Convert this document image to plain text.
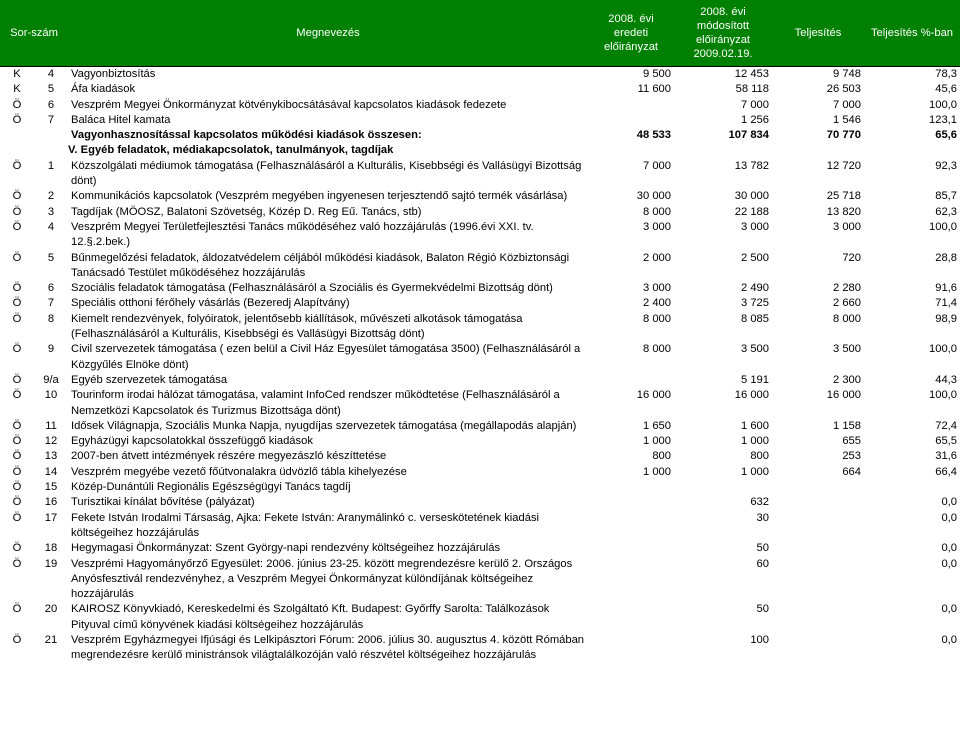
Sor-szám		Megnevezés	2008. évi eredeti előirányzat	2008. évi módosított előirányzat 2009.02.19.	Teljesítés	Teljesítés %-ban
K	4	Vagyonbiztosítás	9 500	12 453	9 748	78,3
K	5	Áfa kiadások	11 600	58 118	26 503	45,6
Ö	6	Veszprém Megyei Önkormányzat kötvénykibocsátásával kapcsolatos kiadások fedezete		7 000	7 000	100,0
Ö	7	Baláca Hitel kamata		1 256	1 546	123,1
		Vagyonhasznosítással kapcsolatos működési kiadások összesen:	48 533	107 834	70 770	65,6
		V. Egyéb feladatok, médiakapcsolatok, tanulmányok, tagdíjak				
Ö	1	Közszolgálati médiumok támogatása (Felhasználásáról a Kulturális, Kisebbségi és Vallásügyi Bizottság dönt)	7 000	13 782	12 720	92,3
Ö	2	Kommunikációs kapcsolatok (Veszprém megyében ingyenesen terjesztendő sajtó termék vásárlása)	30 000	30 000	25 718	85,7
Ö	3	Tagdíjak (MÖOSZ, Balatoni Szövetség, Közép D. Reg Eű. Tanács, stb)	8 000	22 188	13 820	62,3
Ö	4	Veszprém Megyei Területfejlesztési Tanács működéséhez való hozzájárulás (1996.évi XXI. tv. 12.§.2.bek.)	3 000	3 000	3 000	100,0
Ö	5	Bűnmegelőzési feladatok, áldozatvédelem céljából működési kiadások, Balaton Régió Közbiztonsági Tanácsadó Testület működéséhez hozzájárulás	2 000	2 500	720	28,8
Ö	6	Szociális feladatok támogatása (Felhasználásáról a Szociális és Gyermekvédelmi Bizottság dönt)	3 000	2 490	2 280	91,6
Ö	7	Speciális otthoni férőhely vásárlás (Bezeredj Alapítvány)	2 400	3 725	2 660	71,4
Ö	8	Kiemelt rendezvények, folyóiratok, jelentősebb kiállítások, művészeti alkotások támogatása (Felhasználásáról a Kulturális, Kisebbségi és Vallásügyi Bizottság dönt)	8 000	8 085	8 000	98,9
Ö	9	Civil szervezetek támogatása ( ezen belül a Civil Ház Egyesület támogatása 3500) (Felhasználásáról a Közgyűlés Elnöke dönt)	8 000	3 500	3 500	100,0
Ö	9/a	Egyéb szervezetek támogatása		5 191	2 300	44,3
Ö	10	Tourinform irodai hálózat támogatása, valamint InfoCed rendszer működtetése (Felhasználásáról a Nemzetközi Kapcsolatok és Turizmus Bizottsága dönt)	16 000	16 000	16 000	100,0
Ö	11	Idősek Világnapja, Szociális Munka Napja, nyugdíjas szervezetek támogatása (megállapodás alapján)	1 650	1 600	1 158	72,4
Ö	12	Egyházügyi kapcsolatokkal összefüggő kiadások	1 000	1 000	655	65,5
Ö	13	2007-ben átvett intézmények részére megyezászló készíttetése	800	800	253	31,6
Ö	14	Veszprém megyébe vezető főútvonalakra üdvözlő tábla kihelyezése	1 000	1 000	664	66,4
Ö	15	Közép-Dunántúli Regionális Egészségügyi Tanács tagdíj				
Ö	16	Turisztikai kínálat bővítése (pályázat)		632		0,0
Ö	17	Fekete István Irodalmi Társaság, Ajka: Fekete István: Aranymálinkó c. verseskötetének kiadási költségeihez hozzájárulás		30		0,0
Ö	18	Hegymagasi Önkormányzat: Szent György-napi rendezvény költségeihez hozzájárulás		50		0,0
Ö	19	Veszprémi Hagyományőrző Egyesület: 2006. június 23-25. között megrendezésre kerülő 2. Országos Anyósfesztivál rendezvényhez, a Veszprém Megyei Önkormányzat különdíjának költségeihez hozzájárulás		60		0,0
Ö	20	KAIROSZ Könyvkiadó, Kereskedelmi és Szolgáltató Kft. Budapest: Győrffy Sarolta: Találkozások Pityuval című könyvének kiadási költségeihez hozzájárulás		50		0,0
Ö	21	Veszprém Egyházmegyei Ifjúsági és Lelkipásztori Fórum: 2006. július 30. augusztus 4. között Rómában megrendezésre kerülő ministránsok világtalálkozóján való részvétel költségeihez hozzájárulás		100		0,0
